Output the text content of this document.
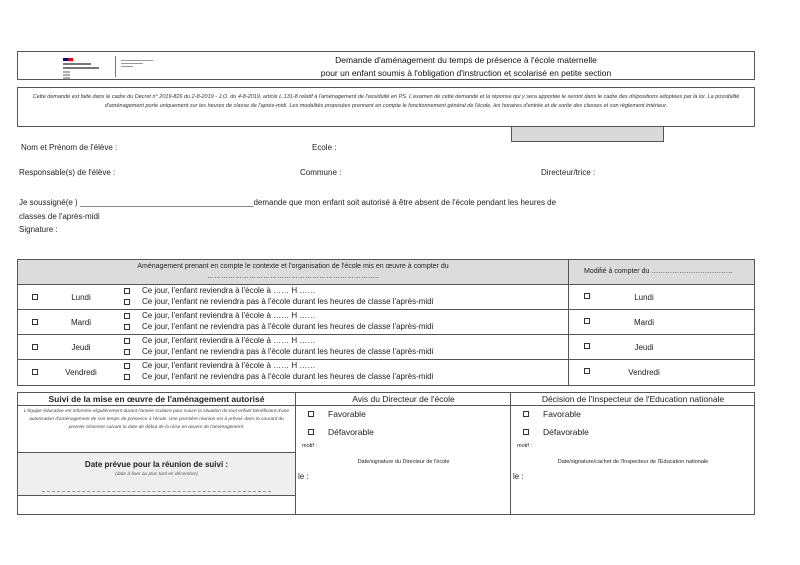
Demande d'aménagement du temps de présence à l'école maternelle
pour un enfant soumis à l'obligation d'instruction et scolarisé en petite section
Cette demande est faite dans le cadre du Décret n° 2019-826 du 2-8-2019 - J.O. du 4-8-2019, article L.131-8 relatif à l'aménagement de l'assiduité en PS. L'examen de cette demande et la réponse qui y sera apportée le seront dans le cadre des dispositions adoptées par la loi. La possibilité d'aménagement porte uniquement sur les heures de classe de l'après-midi. Les modalités proposées prennent en compte le fonctionnement général de l'école, les horaires d'entrée et de sortie des classes et son règlement intérieur.
Nom et Prénom de l'élève :	Ecole :
Responsable(s) de l'élève :	Commune :	Directeur/trice :
Je soussigné(e ) _______________________________________demande que mon enfant soit autorisé à être absent de l'école pendant les heures de
classes de l'après-midi
Signature :
Aménagement prenant en compte le contexte et l'organisation de l'école mis en œuvre à compter du
………………………………………………………………..
Modifié à compter du ……………………………..
Lundi
Ce jour, l'enfant reviendra à l'école à …… H ……
Ce jour, l'enfant ne reviendra pas à l'école durant les heures de classe l'après-midi	Lundi
Mardi
Ce jour, l'enfant reviendra à l'école à …… H ……
Ce jour, l'enfant ne reviendra pas à l'école durant les heures de classe l'après-midi	Mardi
Jeudi
Ce jour, l'enfant reviendra à l'école à …… H ……
Ce jour, l'enfant ne reviendra pas à l'école durant les heures de classe l'après-midi	Jeudi
Vendredi
Ce jour, l'enfant reviendra à l'école à …… H ……
Ce jour, l'enfant ne reviendra pas à l'école durant les heures de classe l'après-midi	Vendredi
Suivi de la mise en œuvre de l'aménagement autorisé
L'équipe éducative est informée régulièrement durant l'année scolaire pour suivre la situation de tout enfant bénéficiant d'une autorisation d'aménagement de son temps de présence à l'école. Une première réunion est à prévoir dans le courant du premier trimestre suivant la date de début de la mise en œuvre de l'aménagement.
Date prévue pour la réunion de suivi :
(date à fixer au plus tard en décembre)
Avis du Directeur de l'école
Favorable
Défavorable
motif :
Date/signature du Directeur de l'école
le :
Décision de l'Inspecteur de l'Education nationale
Favorable
Défavorable
motif :
Date/signature/cachet de l'Inspecteur de l'Education nationale
le :
